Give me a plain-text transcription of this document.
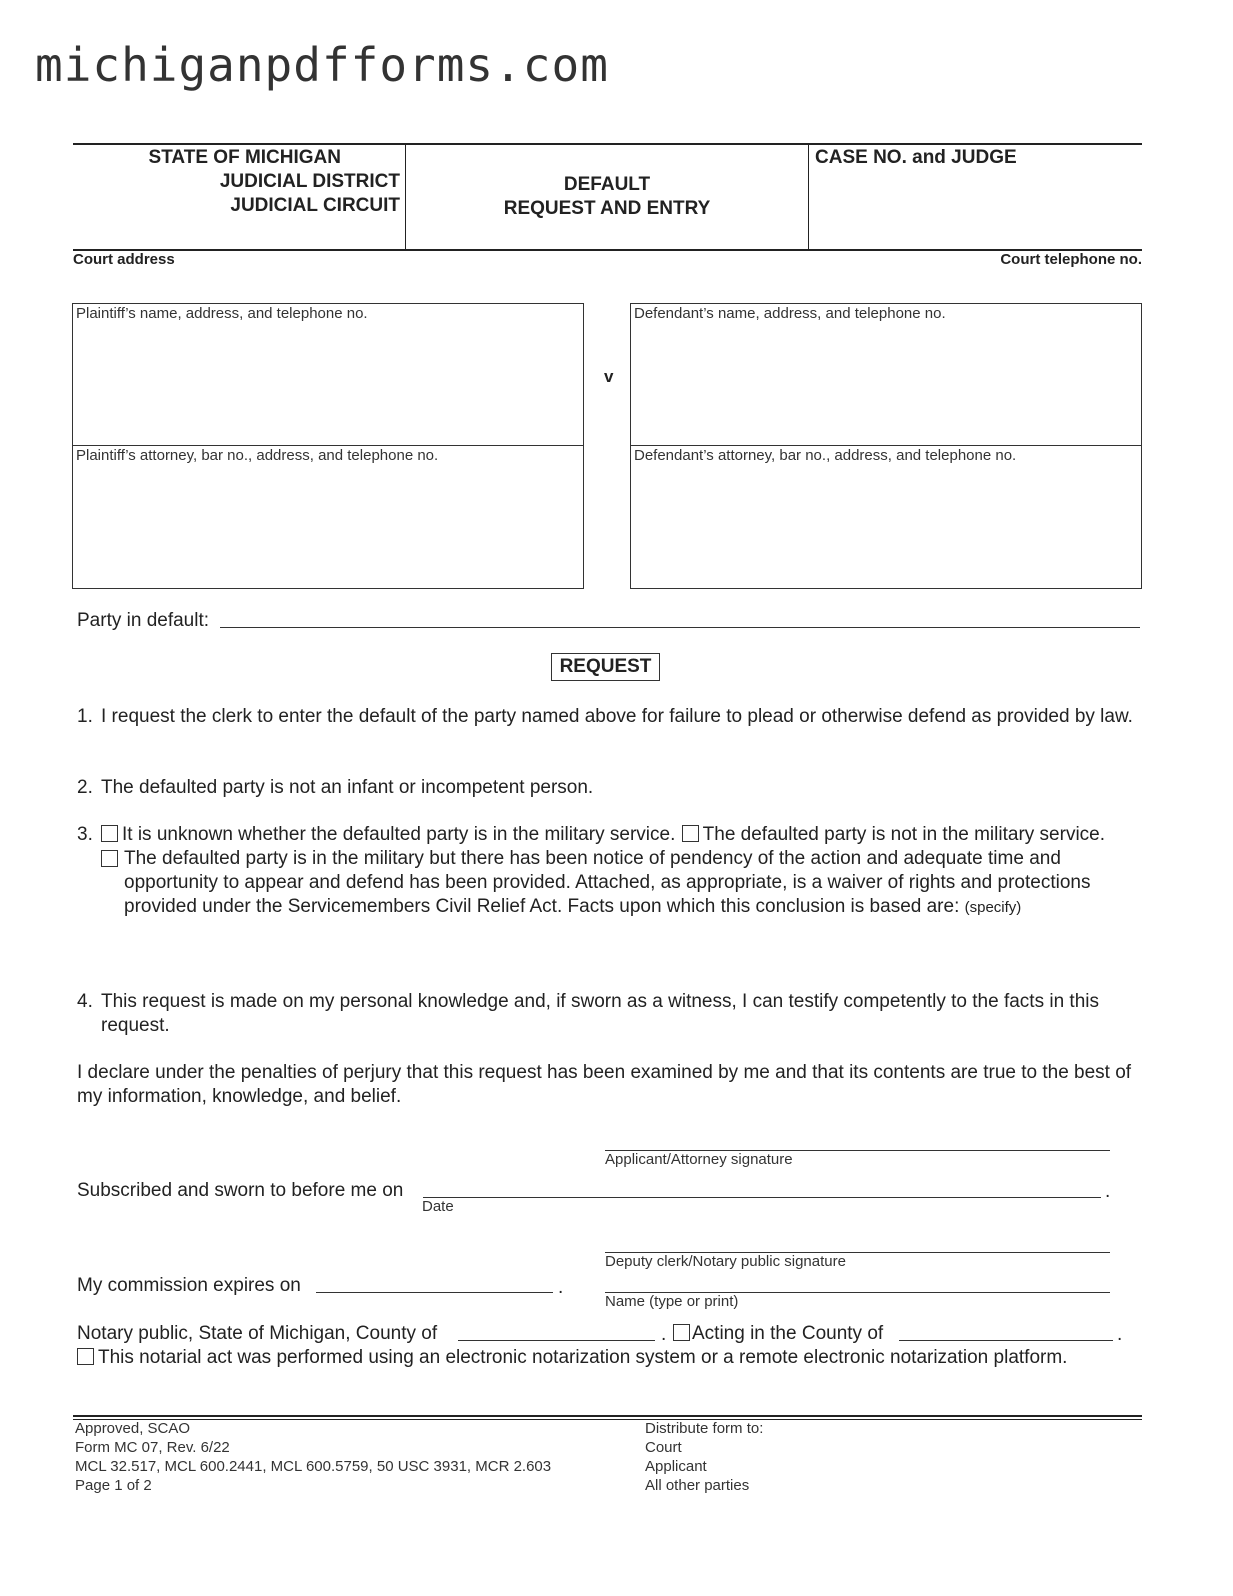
michiganpdfforms.com
STATE OF MICHIGAN
JUDICIAL DISTRICT
JUDICIAL CIRCUIT
DEFAULT
REQUEST AND ENTRY
CASE NO. and JUDGE
Court address	Court telephone no.
Plaintiff’s name, address, and telephone no.
Plaintiff’s attorney, bar no., address, and telephone no.
v
Defendant’s name, address, and telephone no.
Defendant’s attorney, bar no., address, and telephone no.
Party in default:
REQUEST
1. I request the clerk to enter the default of the party named above for failure to plead or otherwise defend as provided by law.
2. The defaulted party is not an infant or incompetent person.
3.	It is unknown whether the defaulted party is in the military service. The defaulted party is not in the military service.
The defaulted party is in the military but there has been notice of pendency of the action and adequate time and opportunity to appear and defend has been provided. Attached, as appropriate, is a waiver of rights and protections provided under the Servicemembers Civil Relief Act. Facts upon which this conclusion is based are: (specify)
4. This request is made on my personal knowledge and, if sworn as a witness, I can testify competently to the facts in this request.
I declare under the penalties of perjury that this request has been examined by me and that its contents are true to the best of my information, knowledge, and belief.
Applicant/Attorney signature
Subscribed and sworn to before me on	.
Date
Deputy clerk/Notary public signature
My commission expires on	.
Name (type or print)
Notary public, State of Michigan, County of	.	Acting in the County of	.
This notarial act was performed using an electronic notarization system or a remote electronic notarization platform.
Approved, SCAO
Form MC 07, Rev. 6/22
MCL 32.517, MCL 600.2441, MCL 600.5759, 50 USC 3931, MCR 2.603
Page 1 of 2
Distribute form to:
Court
Applicant
All other parties
